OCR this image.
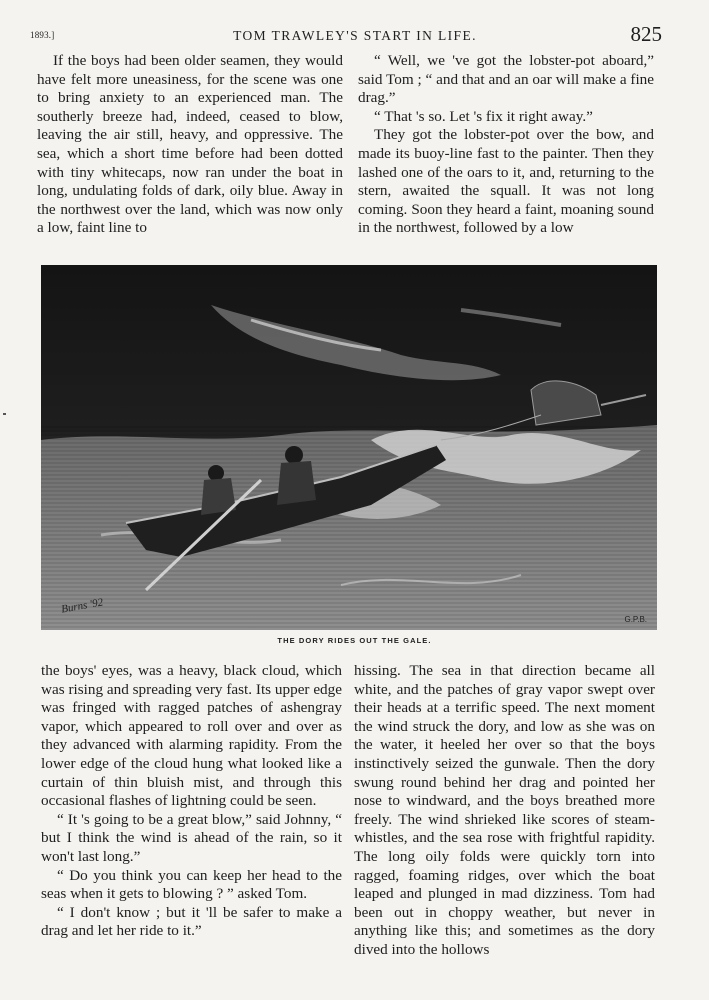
1893.]	TOM TRAWLEY'S START IN LIFE.	825

If the boys had been older seamen, they would have felt more uneasiness, for the scene was one to bring anxiety to an experienced man. The southerly breeze had, indeed, ceased to blow, leaving the air still, heavy, and oppressive. The sea, which a short time before had been dotted with tiny whitecaps, now ran under the boat in long, undulating folds of dark, oily blue. Away in the northwest over the land, which was now only a low, faint line to

“ Well, we 've got the lobster-pot aboard,” said Tom ; “ and that and an oar will make a fine drag.”

“ That 's so. Let 's fix it right away.”

They got the lobster-pot over the bow, and made its buoy-line fast to the painter. Then they lashed one of the oars to it, and, returning to the stern, awaited the squall. It was not long coming. Soon they heard a faint, moaning sound in the northwest, followed by a low

Burns '92
G.P.B.
THE DORY RIDES OUT THE GALE.

the boys' eyes, was a heavy, black cloud, which was rising and spreading very fast. Its upper edge was fringed with ragged patches of ashengray vapor, which appeared to roll over and over as they advanced with alarming rapidity. From the lower edge of the cloud hung what looked like a curtain of thin bluish mist, and through this occasional flashes of lightning could be seen.

“ It 's going to be a great blow,” said Johnny, “ but I think the wind is ahead of the rain, so it won't last long.”

“ Do you think you can keep her head to the seas when it gets to blowing ? ” asked Tom.

“ I don't know ; but it 'll be safer to make a drag and let her ride to it.”

hissing. The sea in that direction became all white, and the patches of gray vapor swept over their heads at a terrific speed. The next moment the wind struck the dory, and low as she was on the water, it heeled her over so that the boys instinctively seized the gunwale. Then the dory swung round behind her drag and pointed her nose to windward, and the boys breathed more freely. The wind shrieked like scores of steam-whistles, and the sea rose with frightful rapidity. The long oily folds were quickly torn into ragged, foaming ridges, over which the boat leaped and plunged in mad dizziness. Tom had been out in choppy weather, but never in anything like this; and sometimes as the dory dived into the hollows
